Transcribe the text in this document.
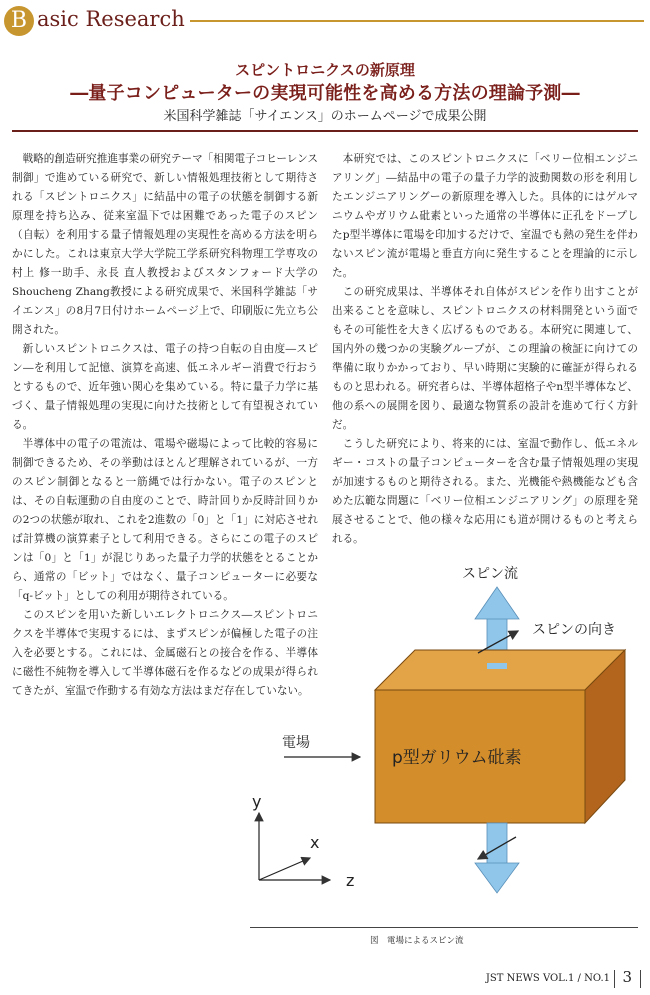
B asic Research
スピントロニクスの新原理
―量子コンピューターの実現可能性を高める方法の理論予測―
米国科学雑誌「サイエンス」のホームページで成果公開

戦略的創造研究推進事業の研究テーマ「相関電子コヒーレンス制御」で進めている研究で、新しい情報処理技術として期待される「スピントロニクス」に結晶中の電子の状態を制御する新原理を持ち込み、従来室温下では困難であった電子のスピン（自転）を利用する量子情報処理の実現性を高める方法を明らかにした。これは東京大学大学院工学系研究科物理工学専攻の村上 修一助手、永長 直人教授およびスタンフォード大学のShoucheng Zhang教授による研究成果で、米国科学雑誌「サイエンス」の8月7日付けホームページ上で、印刷版に先立ち公開された。

新しいスピントロニクスは、電子の持つ自転の自由度―スピン―を利用して記憶、演算を高速、低エネルギー消費で行おうとするもので、近年強い関心を集めている。特に量子力学に基づく、量子情報処理の実現に向けた技術として有望視されている。

半導体中の電子の電流は、電場や磁場によって比較的容易に制御できるため、その挙動はほとんど理解されているが、一方のスピン制御となると一筋縄では行かない。電子のスピンとは、その自転運動の自由度のことで、時計回りか反時計回りかの2つの状態が取れ、これを2進数の「0」と「1」に対応させれば計算機の演算素子として利用できる。さらにこの電子のスピンは「0」と「1」が混じりあった量子力学的状態をとることから、通常の「ビット」ではなく、量子コンピューターに必要な「q-ビット」としての利用が期待されている。

このスピンを用いた新しいエレクトロニクス―スピントロニクスを半導体で実現するには、まずスピンが偏極した電子の注入を必要とする。これには、金属磁石との接合を作る、半導体に磁性不純物を導入して半導体磁石を作るなどの成果が得られてきたが、室温で作動する有効な方法はまだ存在していない。

本研究では、このスピントロニクスに「ベリー位相エンジニアリング」―結晶中の電子の量子力学的波動関数の形を利用したエンジニアリングーの新原理を導入した。具体的にはゲルマニウムやガリウム砒素といった通常の半導体に正孔をドープしたp型半導体に電場を印加するだけで、室温でも熱の発生を伴わないスピン流が電場と垂直方向に発生することを理論的に示した。

この研究成果は、半導体それ自体がスピンを作り出すことが出来ることを意味し、スピントロニクスの材料開発という面でもその可能性を大きく広げるものである。本研究に関連して、国内外の幾つかの実験グループが、この理論の検証に向けての準備に取りかかっており、早い時期に実験的に確証が得られるものと思われる。研究者らは、半導体超格子やn型半導体など、他の系への展開を図り、最適な物質系の設計を進めて行く方針だ。

こうした研究により、将来的には、室温で動作し、低エネルギー・コストの量子コンピューターを含む量子情報処理の実現が加速するものと期待される。また、光機能や熱機能なども含めた広範な問題に「ベリー位相エンジニアリング」の原理を発展させることで、他の様々な応用にも道が開けるものと考えられる。

スピン流
スピンの向き
電場
p型ガリウム砒素
y
x
z
図　電場によるスピン流
JST NEWS VOL.1 / NO.1 3
